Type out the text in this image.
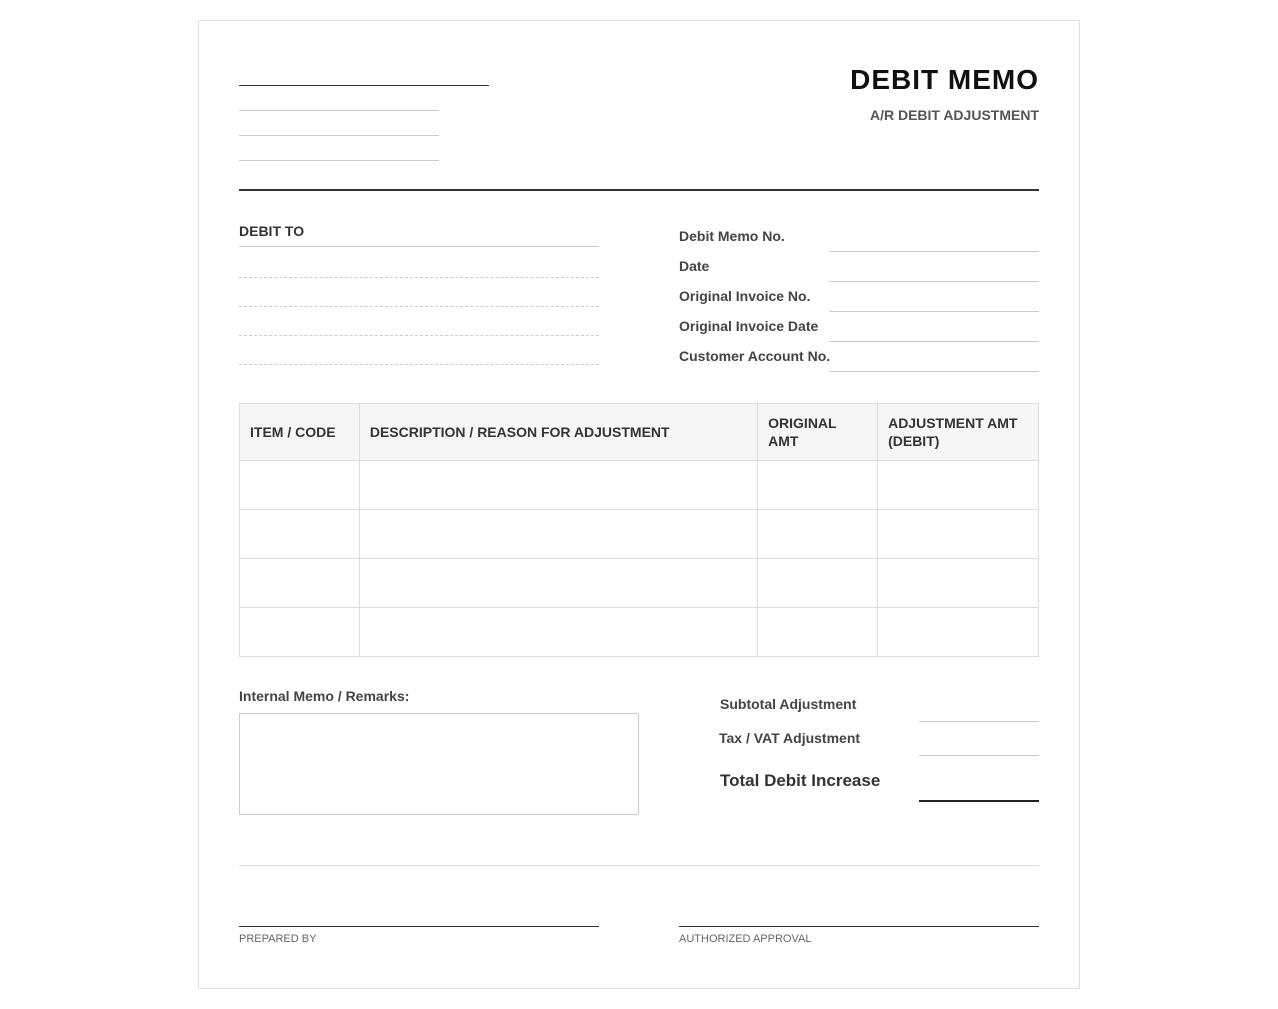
DEBIT MEMO
A/R DEBIT ADJUSTMENT
DEBIT TO	Debit Memo No.
Date
Original Invoice No.
Original Invoice Date
Customer Account No.
ITEM / CODE	DESCRIPTION / REASON FOR ADJUSTMENT	ORIGINAL AMT	ADJUSTMENT AMT (DEBIT)

Internal Memo / Remarks:	Subtotal Adjustment
Tax / VAT Adjustment
Total Debit Increase
PREPARED BY	AUTHORIZED APPROVAL
